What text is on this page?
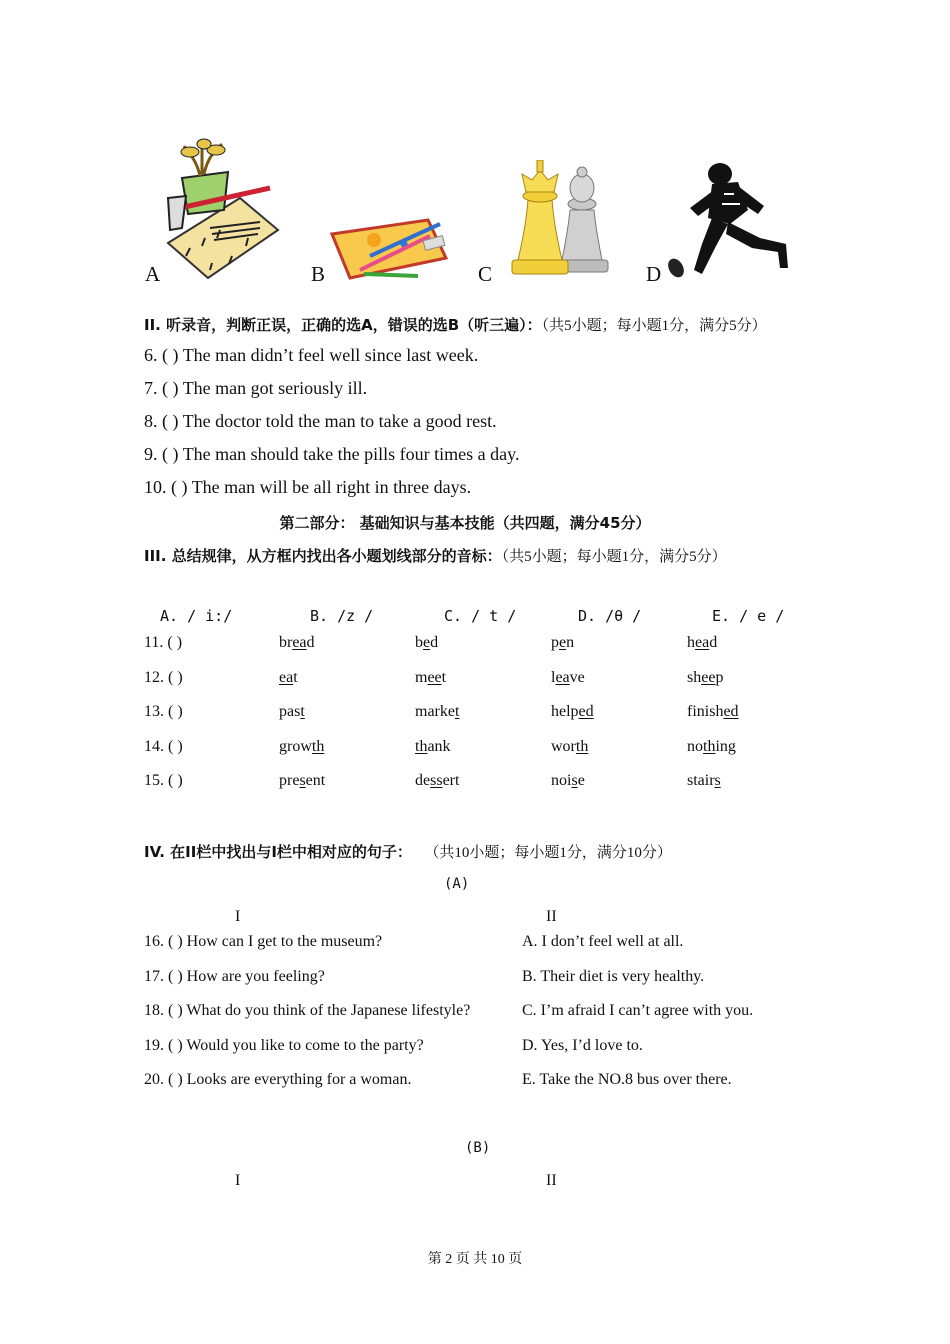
A	B	C	D
II. 听录音，判断正误，正确的选A，错误的选B（听三遍）：（共5小题；每小题1分，满分5分）
6. ( ) The man didn’t feel well since last week.
7. ( ) The man got seriously ill.
8. ( ) The doctor told the man to take a good rest.
9. ( ) The man should take the pills four times a day.
10. ( ) The man will be all right in three days.
第二部分： 基础知识与基本技能（共四题，满分45分）
III. 总结规律，从方框内找出各小题划线部分的音标：（共5小题；每小题1分，满分5分）
A. / i:/	B. /z /	C. / t /	D. /θ /	E. / e /
11. ( )	bread	bed	pen	head
12. ( )	eat	meet	leave	sheep
13. ( )	past	market	helped	finished
14. ( )	growth	thank	worth	nothing
15. ( )	present	dessert	noise	stairs
IV. 在II栏中找出与I栏中相对应的句子： （共10小题；每小题1分，满分10分）
(A)
I	II
16. ( ) How can I get to the museum?	A. I don’t feel well at all.
17. ( ) How are you feeling?	B. Their diet is very healthy.
18. ( ) What do you think of the Japanese lifestyle?	C. I’m afraid I can’t agree with you.
19. ( ) Would you like to come to the party?	D. Yes, I’d love to.
20. ( ) Looks are everything for a woman.	E. Take the NO.8 bus over there.
(B)
I	II
第 2 页 共 10 页
